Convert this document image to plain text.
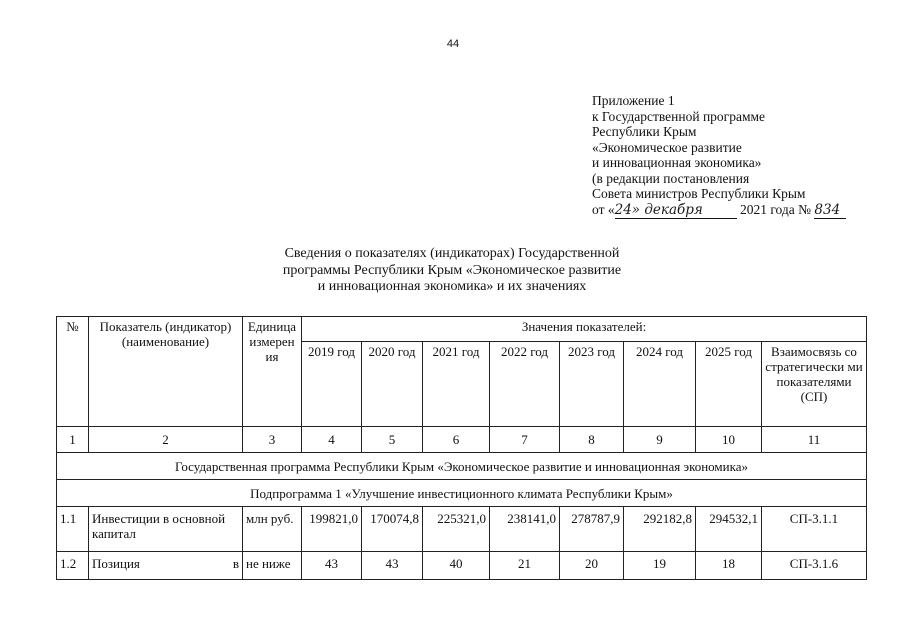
44
Приложение 1
к Государственной программе
Республики Крым
«Экономическое развитие
и инновационная экономика»
(в редакции постановления
Совета министров Республики Крым
от «24» декабря	2021 года № 834
Сведения о показателях (индикаторах) Государственной
программы Республики Крым «Экономическое развитие
и инновационная экономика» и их значениях
№	Показатель (индикатор) (наименование)	Единица измерен ия	Значения показателей:							
			2019 год	2020 год	2021 год	2022 год	2023 год	2024 год	2025 год	Взаимосвязь со стратегически ми показателями (СП)
1	2	3	4	5	6	7	8	9	10	11
Государственная программа Республики Крым «Экономическое развитие и инновационная экономика»										
Подпрограмма 1 «Улучшение инвестиционного климата Республики Крым»										
1.1	Инвестиции в основной капитал	млн руб.	199821,0	170074,8	225321,0	238141,0	278787,9	292182,8	294532,1	СП-3.1.1
1.2	Позиция в	не ниже	43	43	40	21	20	19	18	СП-3.1.6
